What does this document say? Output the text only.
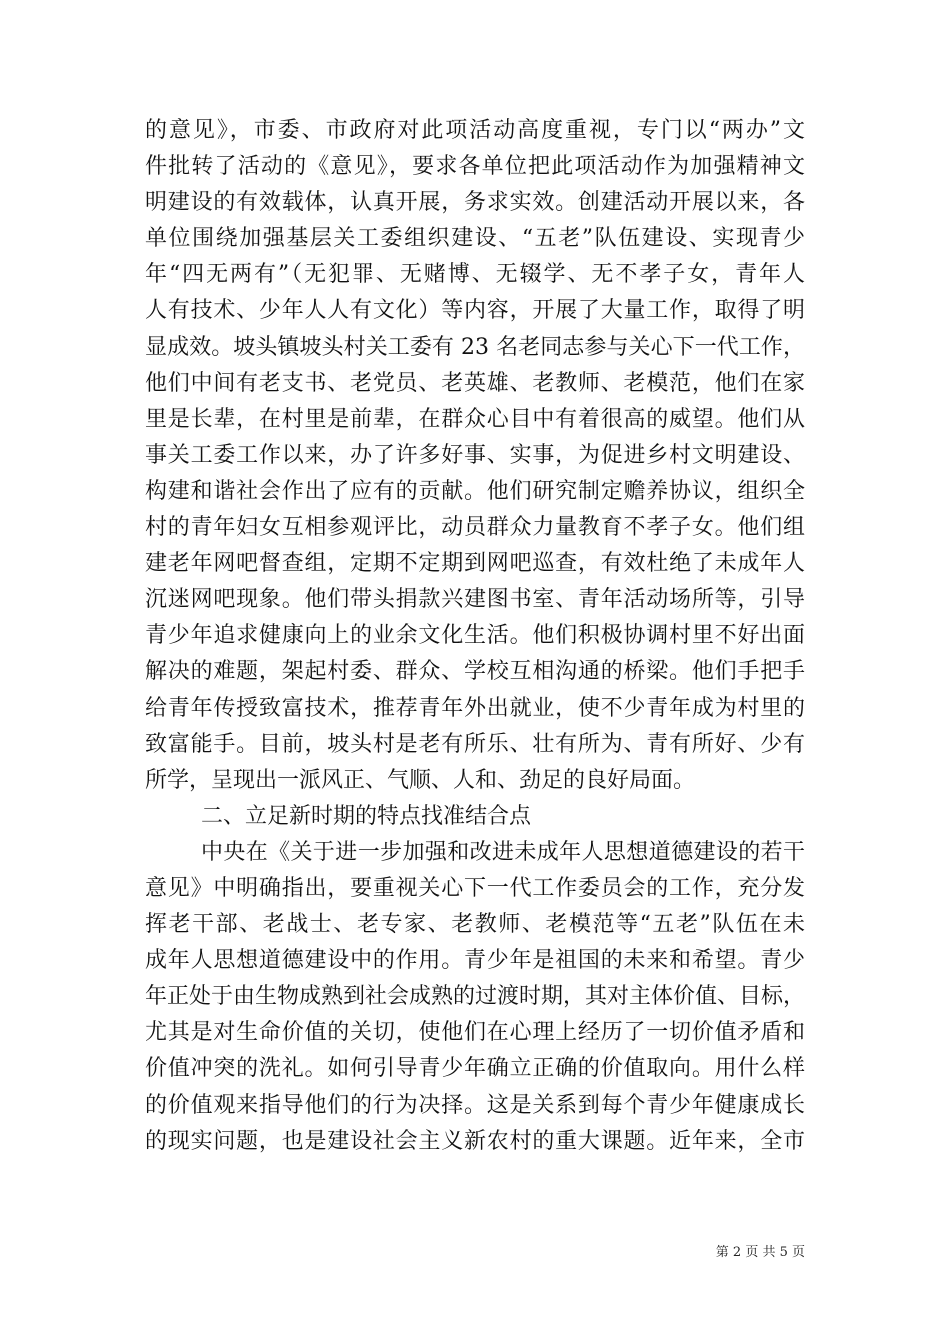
的意见》，市委、市政府对此项活动高度重视，专门以“两办”文
件批转了活动的《意见》，要求各单位把此项活动作为加强精神文
明建设的有效载体，认真开展，务求实效。创建活动开展以来，各
单位围绕加强基层关工委组织建设、“五老”队伍建设、实现青少
年“四无两有”（无犯罪、无赌博、无辍学、无不孝子女，青年人
人有技术、少年人人有文化）等内容，开展了大量工作，取得了明
显成效。坡头镇坡头村关工委有 23 名老同志参与关心下一代工作，
他们中间有老支书、老党员、老英雄、老教师、老模范，他们在家
里是长辈，在村里是前辈，在群众心目中有着很高的威望。他们从
事关工委工作以来，办了许多好事、实事，为促进乡村文明建设、
构建和谐社会作出了应有的贡献。他们研究制定赡养协议，组织全
村的青年妇女互相参观评比，动员群众力量教育不孝子女。他们组
建老年网吧督查组，定期不定期到网吧巡查，有效杜绝了未成年人
沉迷网吧现象。他们带头捐款兴建图书室、青年活动场所等，引导
青少年追求健康向上的业余文化生活。他们积极协调村里不好出面
解决的难题，架起村委、群众、学校互相沟通的桥梁。他们手把手
给青年传授致富技术，推荐青年外出就业，使不少青年成为村里的
致富能手。目前，坡头村是老有所乐、壮有所为、青有所好、少有
所学，呈现出一派风正、气顺、人和、劲足的良好局面。
二、立足新时期的特点找准结合点
中央在《关于进一步加强和改进未成年人思想道德建设的若干
意见》中明确指出，要重视关心下一代工作委员会的工作，充分发
挥老干部、老战士、老专家、老教师、老模范等“五老”队伍在未
成年人思想道德建设中的作用。青少年是祖国的未来和希望。青少
年正处于由生物成熟到社会成熟的过渡时期，其对主体价值、目标，
尤其是对生命价值的关切，使他们在心理上经历了一切价值矛盾和
价值冲突的洗礼。如何引导青少年确立正确的价值取向。用什么样
的价值观来指导他们的行为决择。这是关系到每个青少年健康成长
的现实问题，也是建设社会主义新农村的重大课题。近年来，全市
第 2 页 共 5 页
